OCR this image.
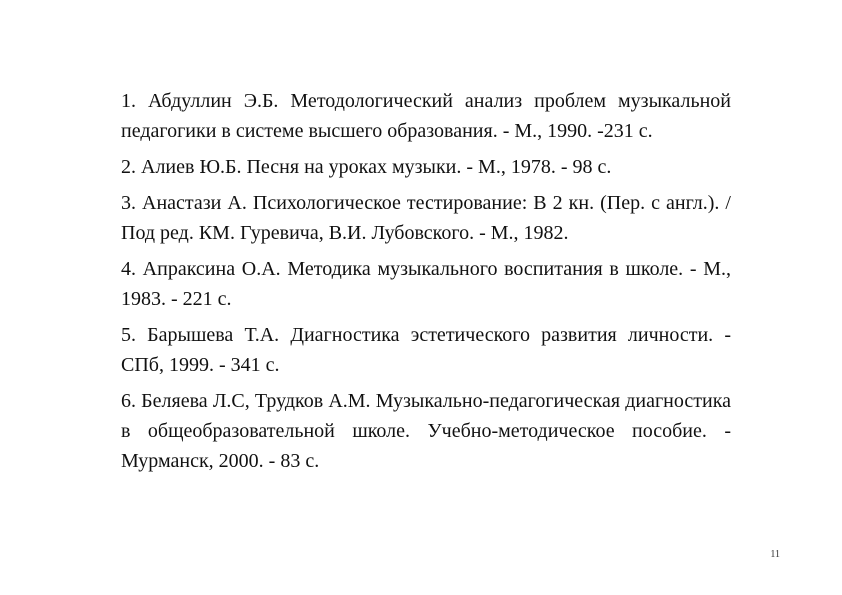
1. Абдуллин Э.Б. Методологический анализ проблем музыкальной педагогики в системе высшего образования. - М., 1990. -231 с.
2. Алиев Ю.Б. Песня на уроках музыки. - М., 1978. - 98 с.
3. Анастази А. Психологическое тестирование: В 2 кн. (Пер. с англ.). /Под ред. КМ. Гуревича, В.И. Лубовского. - М., 1982.
4. Апраксина О.А. Методика музыкального воспитания в школе. - М., 1983. - 221 с.
5. Барышева Т.А. Диагностика эстетического развития личности. - СПб, 1999. - 341 с.
6. Беляева Л.С, Трудков А.М. Музыкально-педагогическая диагностика в общеобразовательной школе. Учебно-методическое пособие. - Мурманск, 2000. - 83 с.
11
